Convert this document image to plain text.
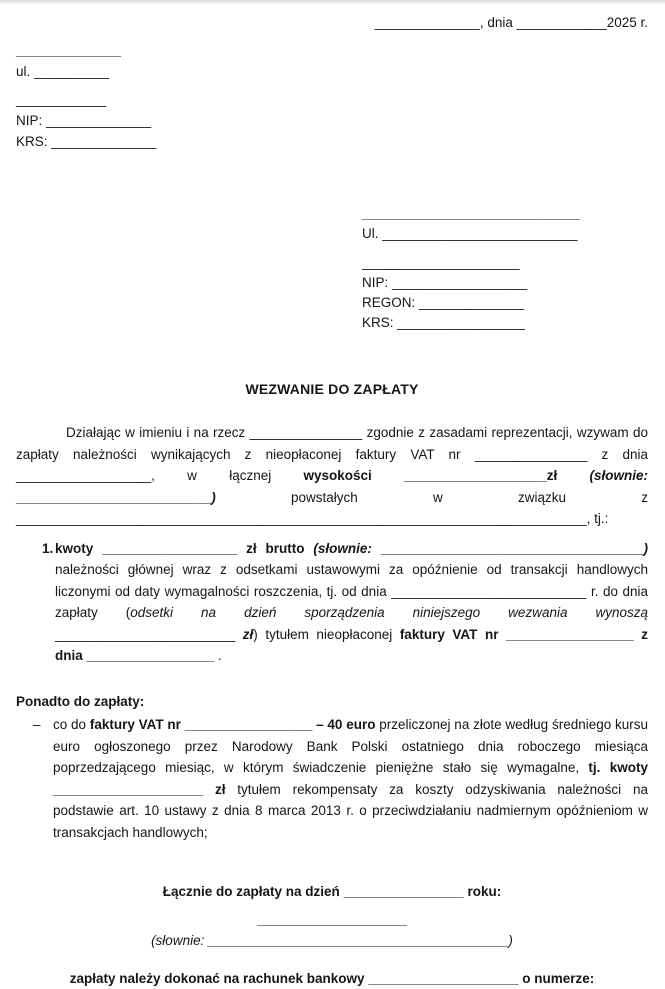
______________, dnia ____________2025 r.
______________
ul. __________
____________
NIP: ______________
KRS: ______________
_____________________________
Ul. __________________________
_____________________
NIP: __________________
REGON: ______________
KRS: _________________
WEZWANIE DO ZAPŁATY

Działając w imieniu i na rzecz _______________ zgodnie z zasadami reprezentacji, wzywam do zapłaty należności wynikających z nieopłaconej faktury VAT nr _______________ z dnia __________________, w łącznej wysokości ___________________zł (słownie: __________________________) powstałych w związku z ____________________________________________________________________________, tj.:

1. kwoty __________________ zł brutto (słownie: ___________________________________) należności głównej wraz z odsetkami ustawowymi za opóźnienie od transakcji handlowych liczonymi od daty wymagalności roszczenia, tj. od dnia __________________________ r. do dnia zapłaty (odsetki na dzień sporządzenia niniejszego wezwania wynoszą ________________________ zł) tytułem nieopłaconej faktury VAT nr _________________ z dnia _________________ .
Ponadto do zapłaty:
– co do faktury VAT nr _________________ – 40 euro przeliczonej na złote według średniego kursu euro ogłoszonego przez Narodowy Bank Polski ostatniego dnia roboczego miesiąca poprzedzającego miesiąc, w którym świadczenie pieniężne stało się wymagalne, tj. kwoty ____________________ zł tytułem rekompensaty za koszty odzyskiwania należności na podstawie art. 10 ustawy z dnia 8 marca 2013 r. o przeciwdziałaniu nadmiernym opóźnieniom w transakcjach handlowych;
Łącznie do zapłaty na dzień ________________ roku:
____________________
(słownie: ________________________________________)
zapłaty należy dokonać na rachunek bankowy ____________________ o numerze:
